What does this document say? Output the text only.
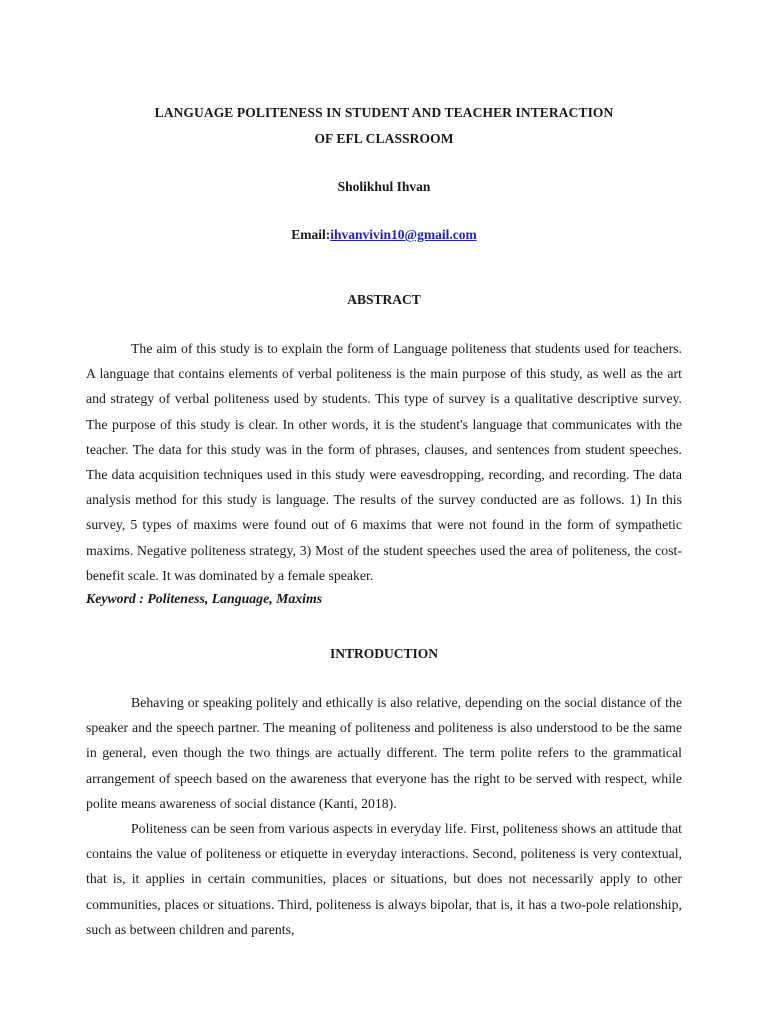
LANGUAGE POLITENESS IN STUDENT AND TEACHER INTERACTION
OF EFL CLASSROOM
Sholikhul Ihvan
Email:ihvanvivin10@gmail.com
ABSTRACT

The aim of this study is to explain the form of Language politeness that students used for teachers. A language that contains elements of verbal politeness is the main purpose of this study, as well as the art and strategy of verbal politeness used by students. This type of survey is a qualitative descriptive survey. The purpose of this study is clear. In other words, it is the student's language that communicates with the teacher. The data for this study was in the form of phrases, clauses, and sentences from student speeches. The data acquisition techniques used in this study were eavesdropping, recording, and recording. The data analysis method for this study is language. The results of the survey conducted are as follows. 1) In this survey, 5 types of maxims were found out of 6 maxims that were not found in the form of sympathetic maxims. Negative politeness strategy, 3) Most of the student speeches used the area of politeness, the cost-benefit scale. It was dominated by a female speaker.

Keyword : Politeness, Language, Maxims
INTRODUCTION

Behaving or speaking politely and ethically is also relative, depending on the social distance of the speaker and the speech partner. The meaning of politeness and politeness is also understood to be the same in general, even though the two things are actually different. The term polite refers to the grammatical arrangement of speech based on the awareness that everyone has the right to be served with respect, while polite means awareness of social distance (Kanti, 2018).

Politeness can be seen from various aspects in everyday life. First, politeness shows an attitude that contains the value of politeness or etiquette in everyday interactions. Second, politeness is very contextual, that is, it applies in certain communities, places or situations, but does not necessarily apply to other communities, places or situations. Third, politeness is always bipolar, that is, it has a two-pole relationship, such as between children and parents,
